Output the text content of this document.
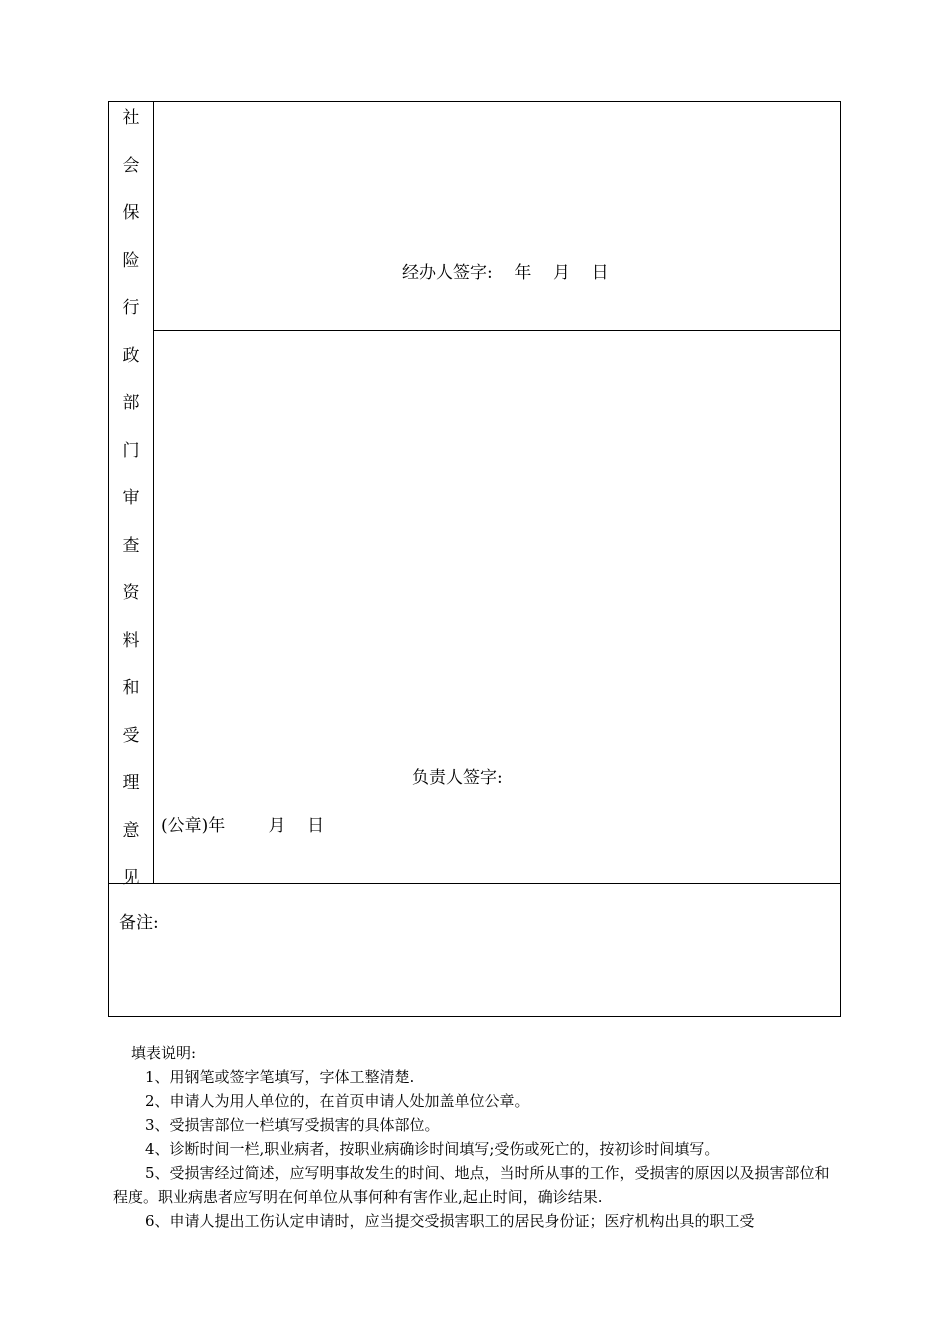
社
会
保
险
行
政
部
门
审
查
资
料
和
受
理
意
见
经办人签字:    年    月    日
负责人签字:
(公章)年        月    日
备注:
填表说明:

1、用钢笔或签字笔填写，字体工整清楚.

2、申请人为用人单位的，在首页申请人处加盖单位公章。

3、受损害部位一栏填写受损害的具体部位。

4、诊断时间一栏,职业病者，按职业病确诊时间填写;受伤或死亡的，按初诊时间填写。

5、受损害经过简述，应写明事故发生的时间、地点，当时所从事的工作，受损害的原因以及损害部位和程度。职业病患者应写明在何单位从事何种有害作业,起止时间，确诊结果.

6、申请人提出工伤认定申请时，应当提交受损害职工的居民身份证；医疗机构出具的职工受
